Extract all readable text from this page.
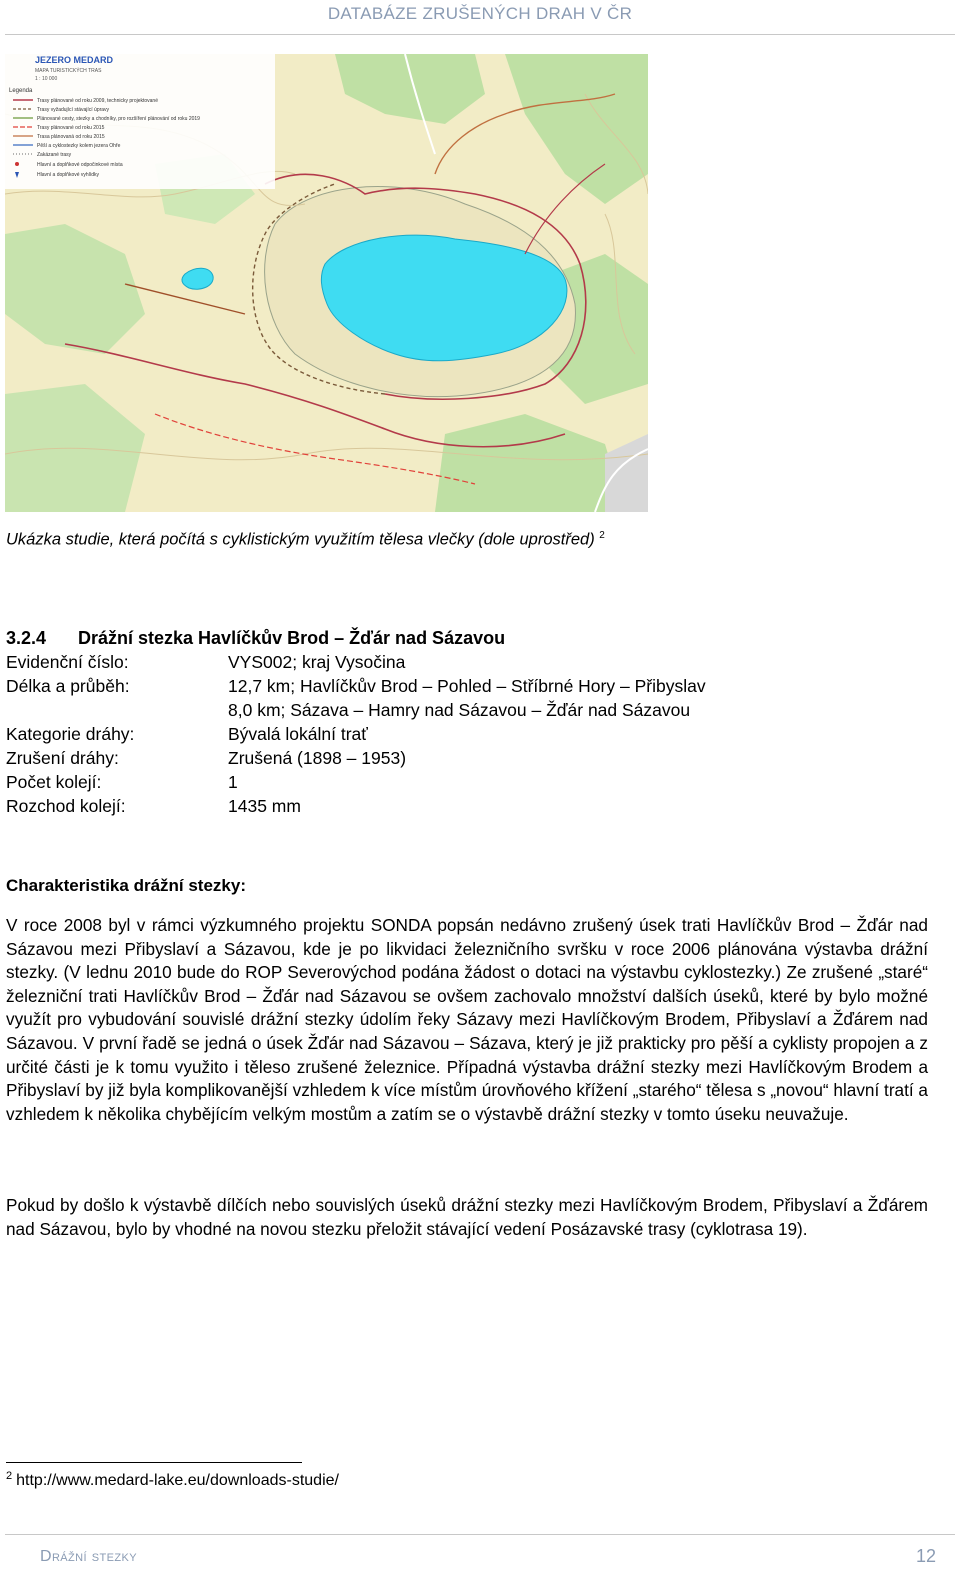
DATABÁZE ZRUŠENÝCH DRAH V ČR
JEZERO MEDARD
MAPA TURISTICKÝCH TRAS
1 : 10 000
Legenda
Trasy plánované od roku 2009, technicky projektované
Trasy vyžadující stávající úpravy
Plánované cesty, stezky a chodníky, pro rozšíření plánování od roku 2019
Trasy plánované od roku 2015
Trasa plánovaná od roku 2015
Pěší a cyklostezky kolem jezera Ohře
Zakázané trasy
Hlavní a doplňkové odpočinkové místa
Hlavní a doplňkové vyhlídky
Ukázka studie, která počítá s cyklistickým využitím tělesa vlečky (dole uprostřed) $^2$
3.2.4 Drážní stezka Havlíčkův Brod – Žďár nad Sázavou
Evidenční číslo:	VYS002; kraj Vysočina
Délka a průběh:	12,7 km; Havlíčkův Brod – Pohled – Stříbrné Hory – Přibyslav
8,0 km; Sázava – Hamry nad Sázavou – Žďár nad Sázavou
Kategorie dráhy:	Bývalá lokální trať
Zrušení dráhy:	Zrušená (1898 – 1953)
Počet kolejí:	1
Rozchod kolejí:	1435 mm
Charakteristika drážní stezky:

V roce 2008 byl v rámci výzkumného projektu SONDA popsán nedávno zrušený úsek trati Havlíčkův Brod – Žďár nad Sázavou mezi Přibyslaví a Sázavou, kde je po likvidaci železničního svršku v roce 2006 plánována výstavba drážní stezky. (V lednu 2010 bude do ROP Severovýchod podána žádost o dotaci na výstavbu cyklostezky.) Ze zrušené „staré“ železniční trati Havlíčkův Brod – Žďár nad Sázavou se ovšem zachovalo množství dalších úseků, které by bylo možné využít pro vybudování souvislé drážní stezky údolím řeky Sázavy mezi Havlíčkovým Brodem, Přibyslaví a Žďárem nad Sázavou. V první řadě se jedná o úsek Žďár nad Sázavou – Sázava, který je již prakticky pro pěší a cyklisty propojen a z určité části je k tomu využito i těleso zrušené železnice. Případná výstavba drážní stezky mezi Havlíčkovým Brodem a Přibyslaví by již byla komplikovanější vzhledem k více místům úrovňového křížení „starého“ tělesa s „novou“ hlavní tratí a vzhledem k několika chybějícím velkým mostům a zatím se o výstavbě drážní stezky v tomto úseku neuvažuje.

Pokud by došlo k výstavbě dílčích nebo souvislých úseků drážní stezky mezi Havlíčkovým Brodem, Přibyslaví a Žďárem nad Sázavou, bylo by vhodné na novou stezku přeložit stávající vedení Posázavské trasy (cyklotrasa 19).

$^2$ http://www.medard-lake.eu/downloads-studie/
Drážní stezky	12
